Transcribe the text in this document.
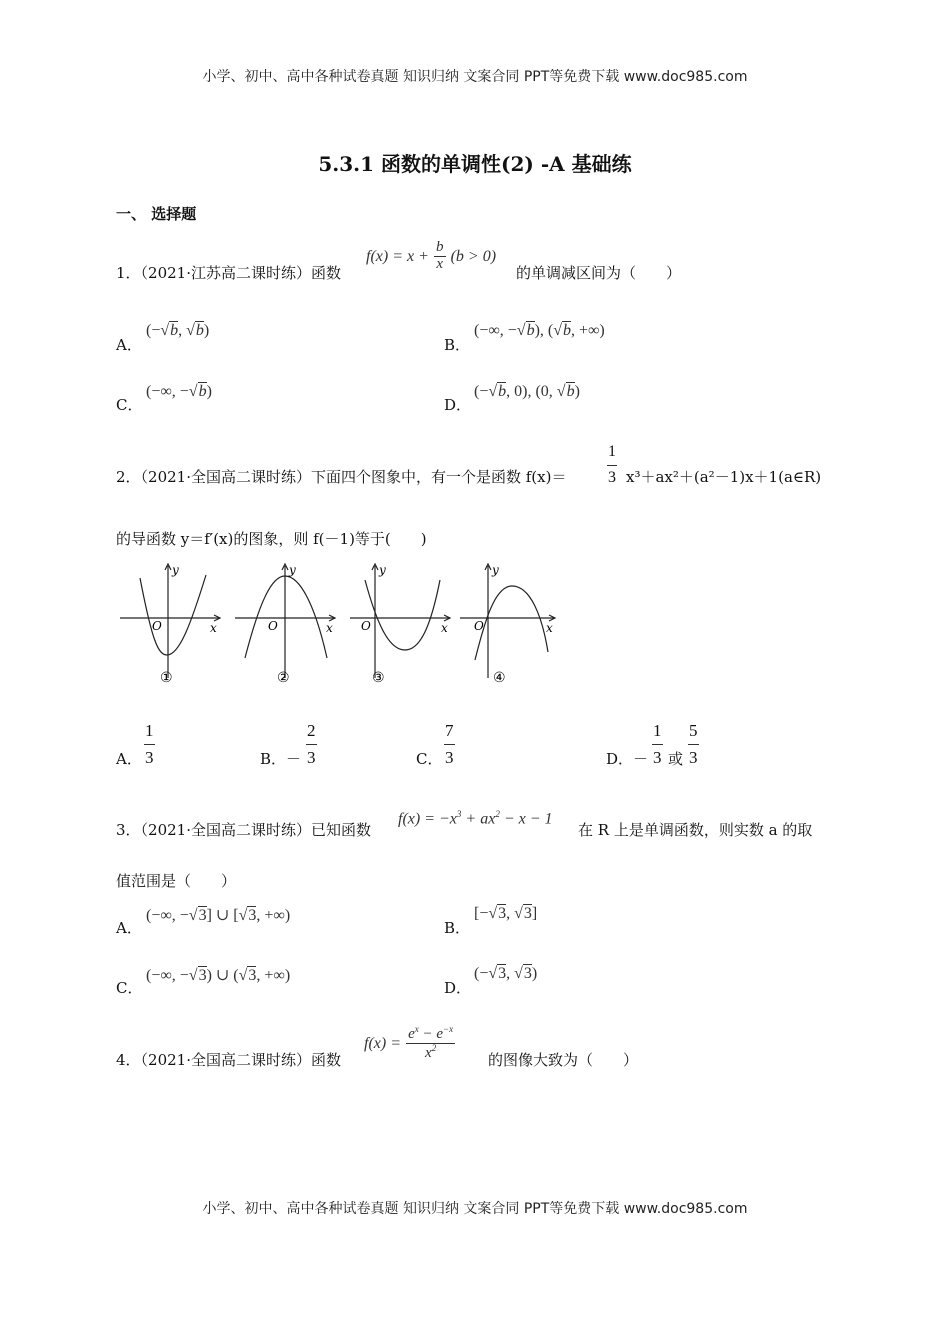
小学、初中、高中各种试卷真题 知识归纳 文案合同 PPT等免费下载 www.doc985.com
5.3.1 函数的单调性(2) -A 基础练
一、 选择题
1．（2021·江苏高二课时练）函数
$f(x) = x + \frac{b}{x} (b > 0)$
的单调减区间为（　　）
A．
(−√b, √b)
B．
(−∞, −√b), (√b, +∞)
C．
(−∞, −√b)
D．
(−√b, 0), (0, √b)
2．（2021·全国高二课时练）下面四个图象中，有一个是函数 f(x)＝	$\frac{1}{3}$ x³＋ax²＋(a²－1)x＋1(a∈R)
的导函数 y＝f′(x)的图象，则 f(－1)等于(　　)
y
x
O
①
y
x
O
②
y
x
O
③
y
x
O
④
A． $\frac{1}{3}$	B．－ $\frac{2}{3}$	C． $\frac{7}{3}$	D．－ $\frac{1}{3}$ 或 $\frac{5}{3}$
3．（2021·全国高二课时练）已知函数
$f(x) = -x^3 + ax^2 - x - 1$
在 R 上是单调函数，则实数 a 的取
值范围是（　　）
A．
(−∞, −√3] ∪ [√3, +∞)
B．
[−√3, √3]
C．
(−∞, −√3) ∪ (√3, +∞)
D．
(−√3, √3)
4．（2021·全国高二课时练）函数
$f(x) = \frac{e^x - e^{-x}}{x^2}$ 的图像大致为（　　）
小学、初中、高中各种试卷真题 知识归纳 文案合同 PPT等免费下载 www.doc985.com
